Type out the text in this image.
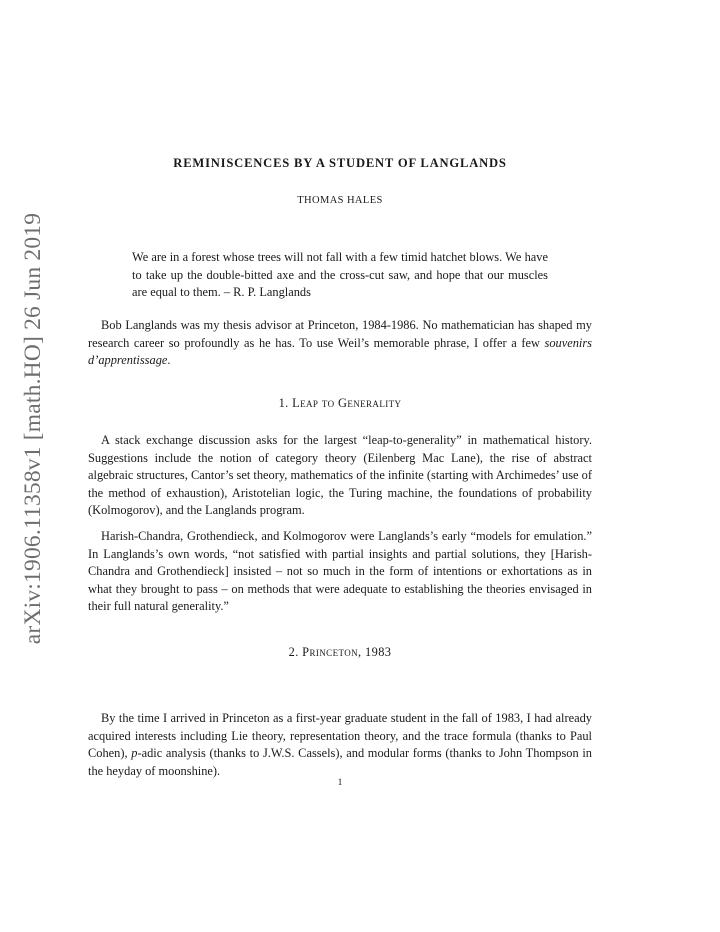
arXiv:1906.11358v1 [math.HO] 26 Jun 2019
REMINISCENCES BY A STUDENT OF LANGLANDS
THOMAS HALES
We are in a forest whose trees will not fall with a few timid hatchet blows. We have to take up the double-bitted axe and the cross-cut saw, and hope that our muscles are equal to them. – R. P. Langlands

Bob Langlands was my thesis advisor at Princeton, 1984-1986. No mathematician has shaped my research career so profoundly as he has. To use Weil’s memorable phrase, I offer a few souvenirs d’apprentissage.

1. Leap to Generality

A stack exchange discussion asks for the largest “leap-to-generality” in mathematical history. Suggestions include the notion of category theory (Eilenberg Mac Lane), the rise of abstract algebraic structures, Cantor’s set theory, mathematics of the infinite (starting with Archimedes’ use of the method of exhaustion), Aristotelian logic, the Turing machine, the foundations of probability (Kolmogorov), and the Langlands program.

Harish-Chandra, Grothendieck, and Kolmogorov were Langlands’s early “models for emulation.” In Langlands’s own words, “not satisfied with partial insights and partial solutions, they [Harish-Chandra and Grothendieck] insisted – not so much in the form of intentions or exhortations as in what they brought to pass – on methods that were adequate to establishing the theories envisaged in their full natural generality.”

2. Princeton, 1983

By the time I arrived in Princeton as a first-year graduate student in the fall of 1983, I had already acquired interests including Lie theory, representation theory, and the trace formula (thanks to Paul Cohen), p-adic analysis (thanks to J.W.S. Cassels), and modular forms (thanks to John Thompson in the heyday of moonshine).

1
